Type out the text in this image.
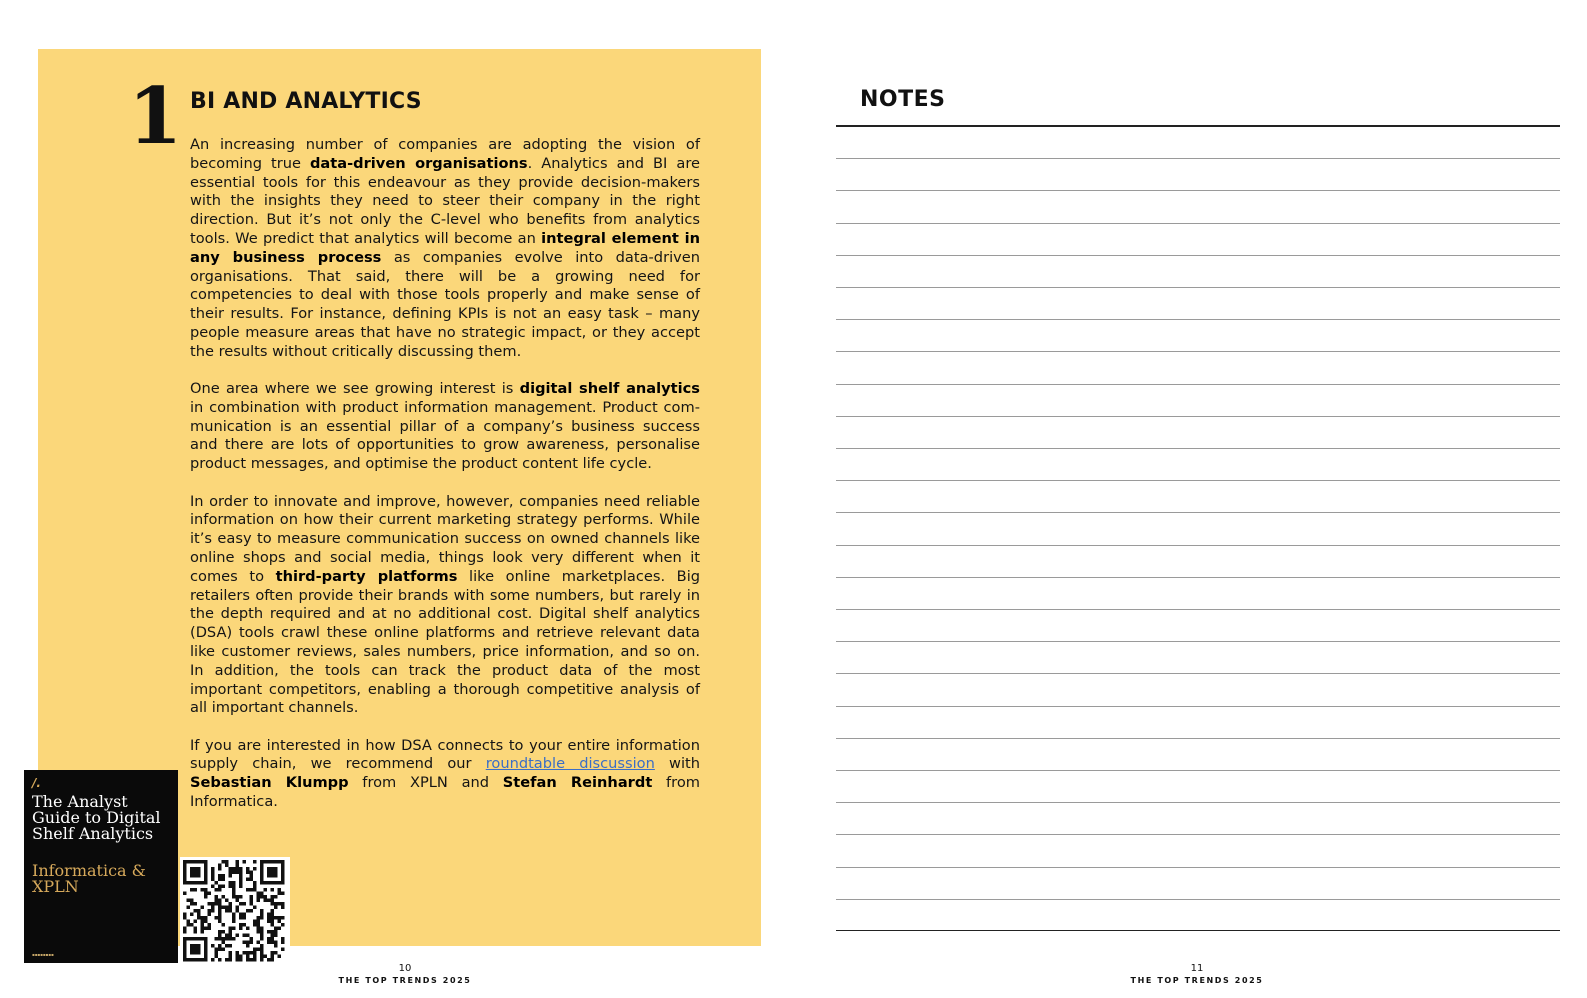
1 BI AND ANALYTICS

An increasing number of companies are adopting the vision of becoming true data-driven organisations. Analytics and BI are essential tools for this endeavour as they provide decision-makers with the insights they need to steer their company in the right direction. But it’s not only the C-level who benefits from analytics tools. We predict that analytics will become an integral element in any business process as companies evolve into data-driven organisations. That said, there will be a growing need for competencies to deal with those tools properly and make sense of their results. For instance, defining KPIs is not an easy task – many people measure areas that have no strategic impact, or they accept the results without critically discussing them.

One area where we see growing interest is digital shelf analytics in combination with product information management. Product communication is an essential pillar of a company’s business success and there are lots of opportunities to grow awareness, personalise product messages, and optimise the product content life cycle.

In order to innovate and improve, however, companies need reliable information on how their current marketing strategy performs. While it’s easy to measure communication success on owned channels like online shops and social media, things look very different when it comes to third-party platforms like online marketplaces. Big retailers often provide their brands with some numbers, but rarely in the depth required and at no additional cost. Digital shelf analytics (DSA) tools crawl these online platforms and retrieve relevant data like customer reviews, sales numbers, price information, and so on. In addition, the tools can track the product data of the most important competitors, enabling a thorough competitive analysis of all important channels.

If you are interested in how DSA connects to your entire information supply chain, we recommend our roundtable discussion with Sebastian Klumpp from XPLN and Stefan Reinhardt from Informatica.

/.
The Analyst Guide to Digital Shelf Analytics
Informatica & XPLN
▪▪▪▪▪▪▪▪
10
THE TOP TRENDS 2025
NOTES
11
THE TOP TRENDS 2025
